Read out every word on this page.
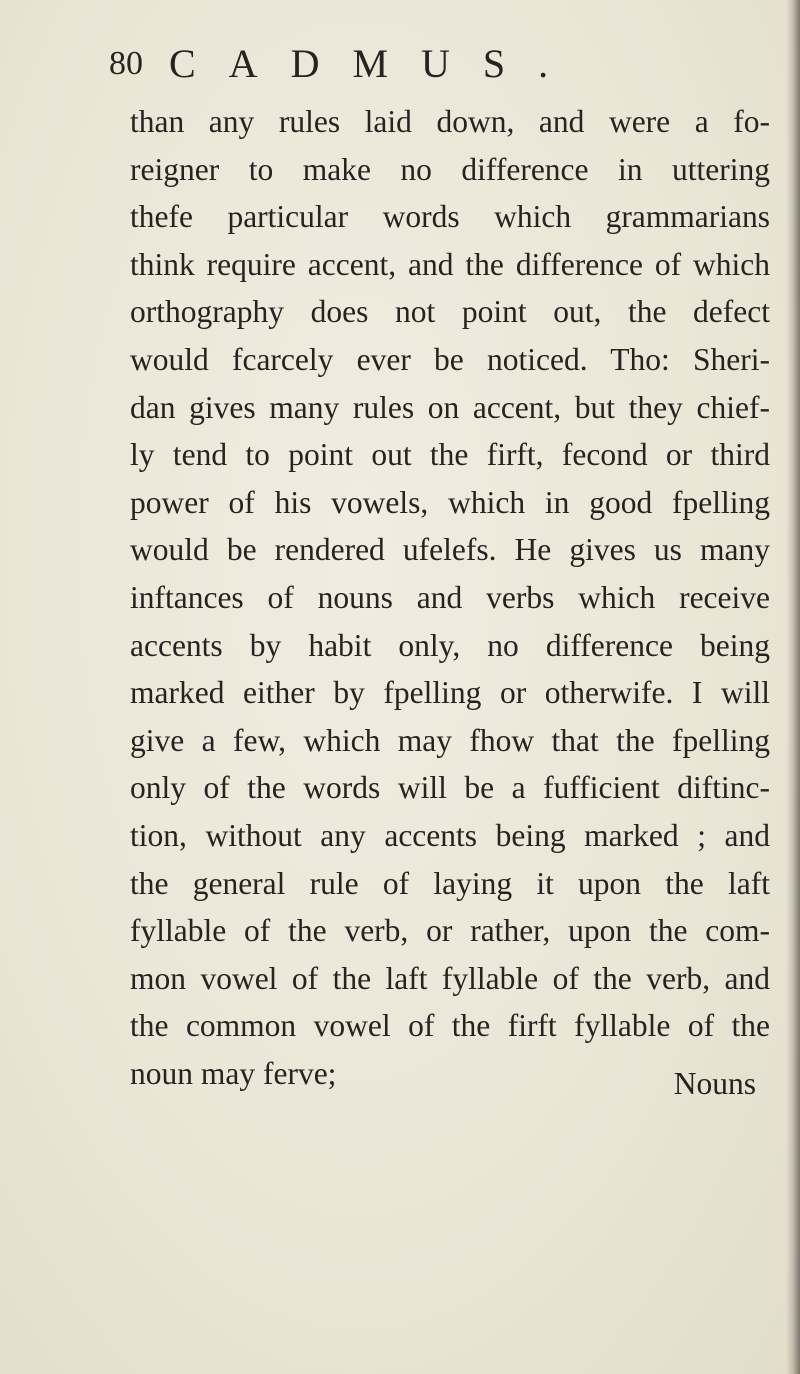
80 CADMUS.
than any rules laid down, and were a fo-
reigner to make no difference in uttering
thefe particular words which grammarians
think require accent, and the difference of which
orthography does not point out, the defect
would fcarcely ever be noticed. Tho: Sheri-
dan gives many rules on accent, but they chief-
ly tend to point out the firft, fecond or third
power of his vowels, which in good fpelling
would be rendered ufelefs. He gives us many
inftances of nouns and verbs which receive
accents by habit only, no difference being
marked either by fpelling or otherwife. I will
give a few, which may fhow that the fpelling
only of the words will be a fufficient diftinc-
tion, without any accents being marked ; and
the general rule of laying it upon the laft
fyllable of the verb, or rather, upon the com-
mon vowel of the laft fyllable of the verb, and
the common vowel of the firft fyllable of the
noun may ferve;	Nouns
